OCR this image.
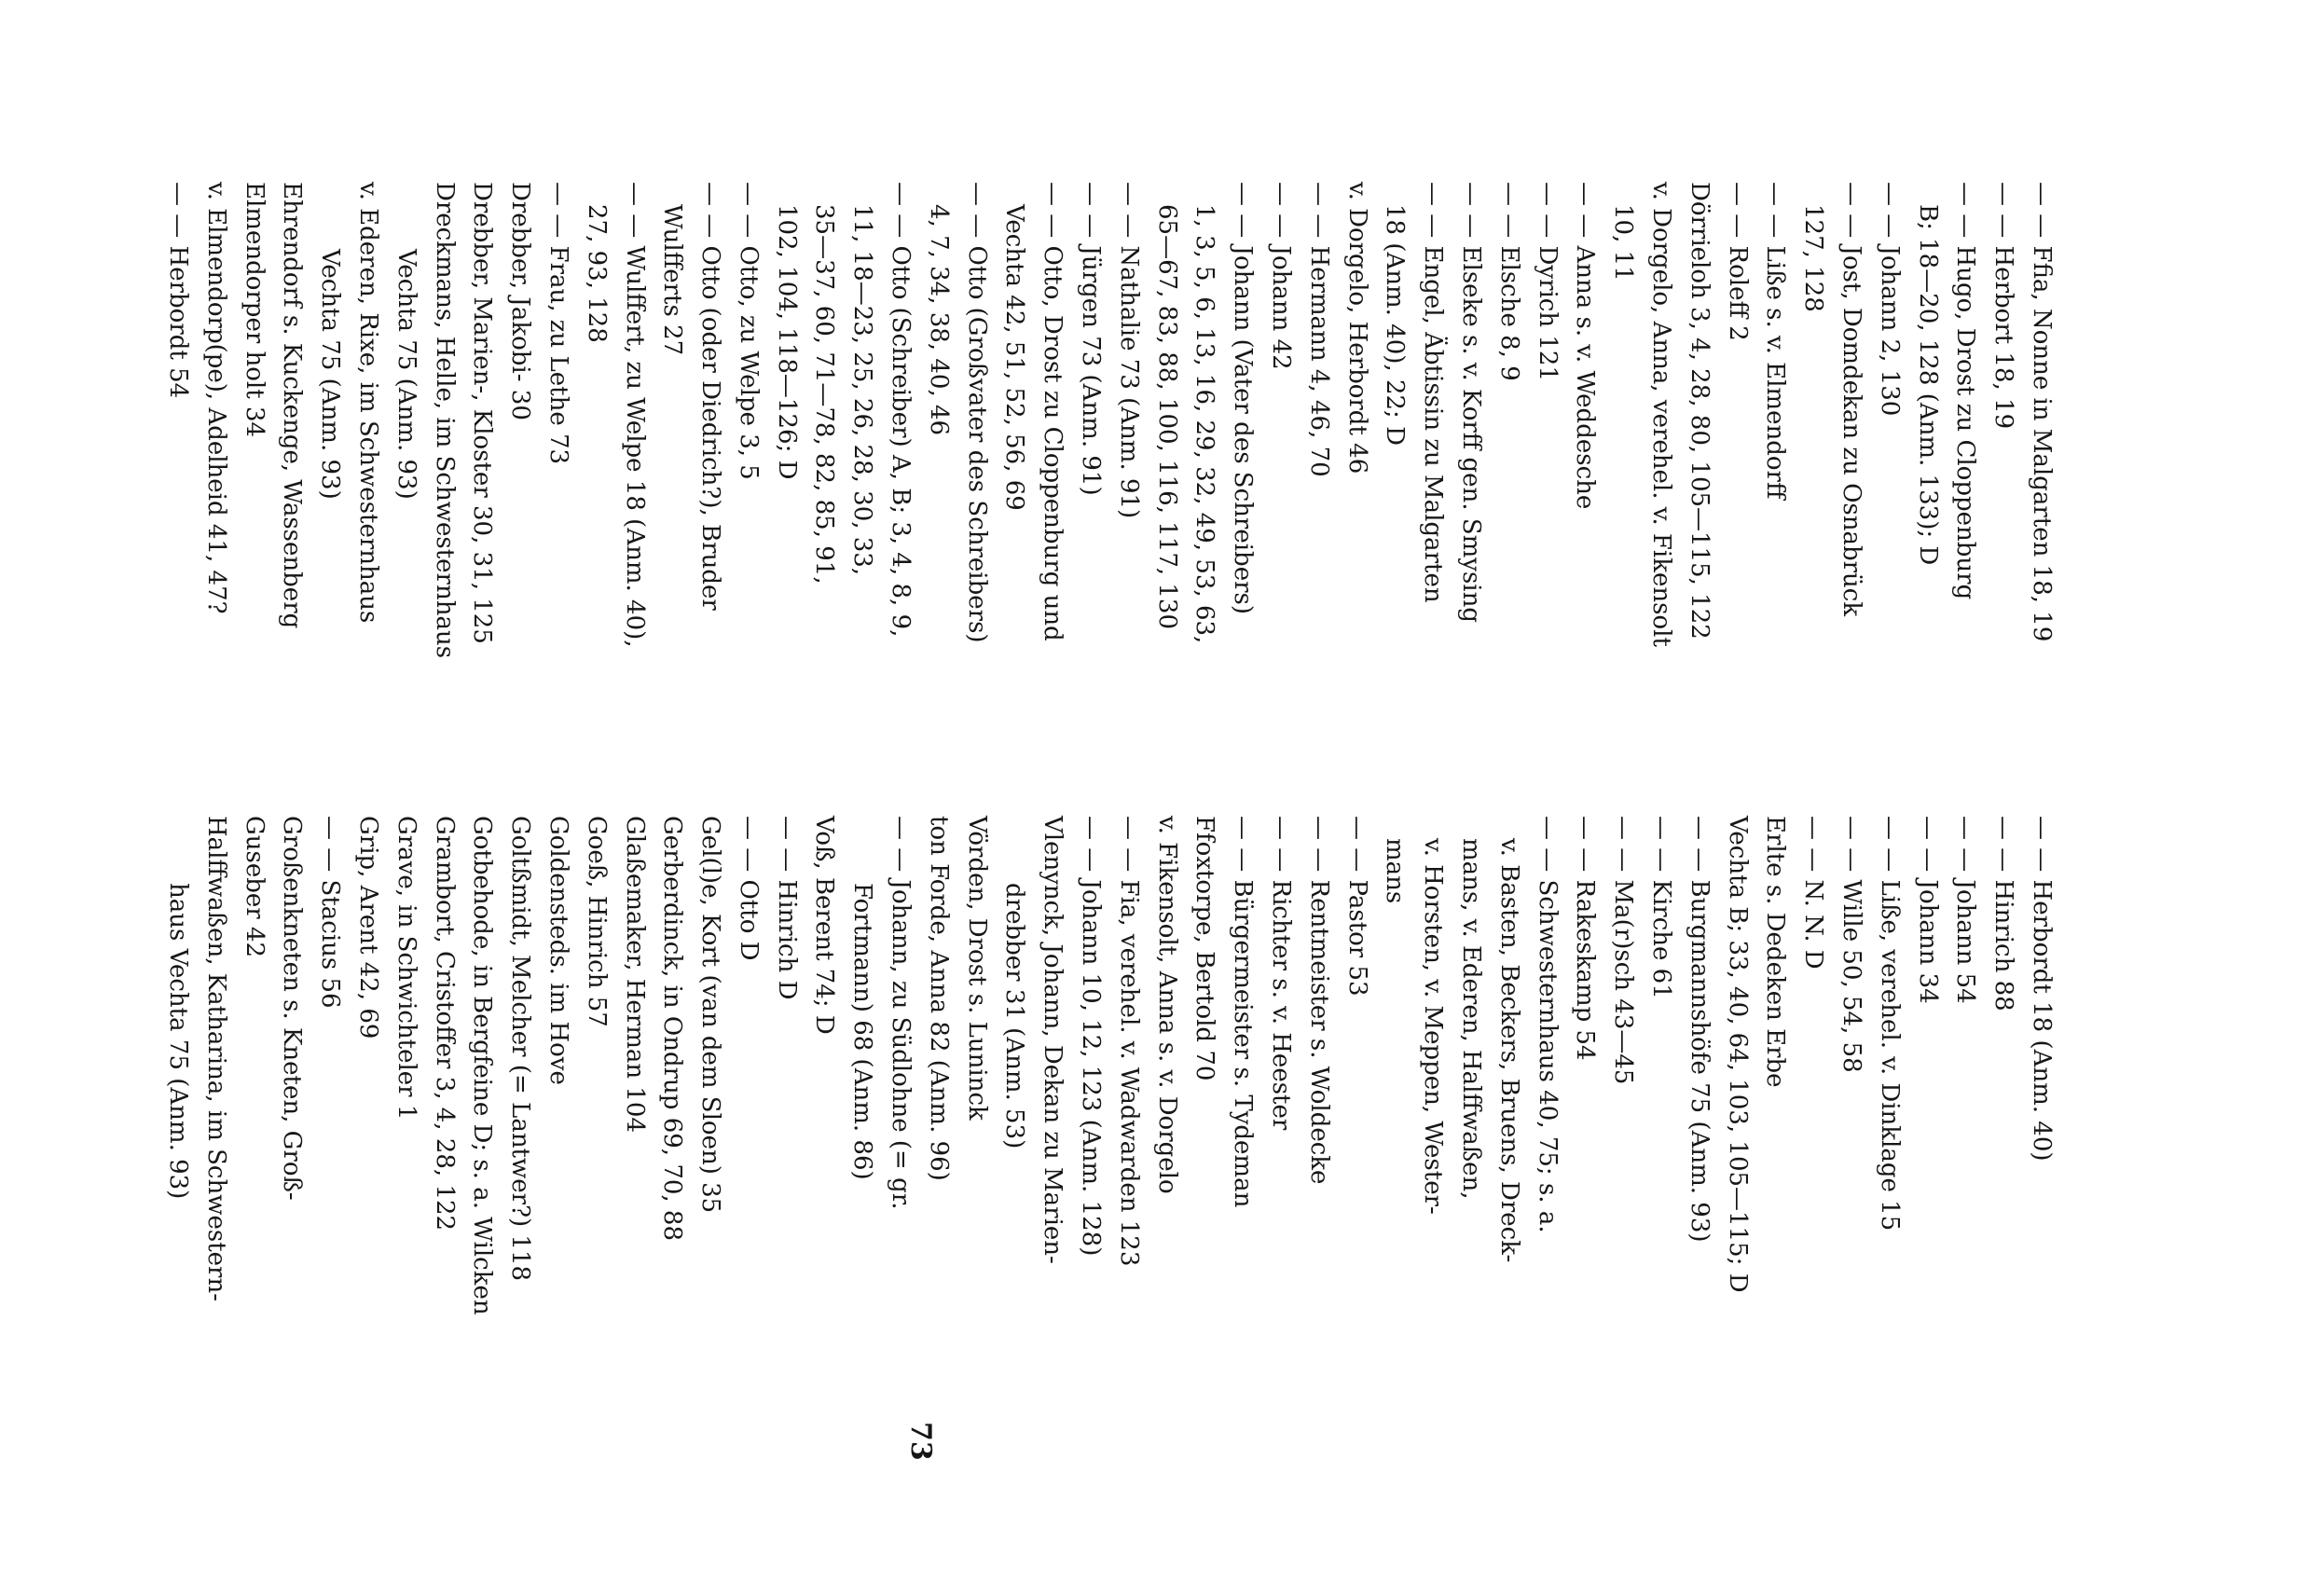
— — Ffia, Nonne in Malgarten 18, 19
— — Herbort 18, 19
— — Hugo, Drost zu Cloppenburg
B; 18—20, 128 (Anm. 133); D
— — Johann 2, 130
— — Jost, Domdekan zu Osnabrück
127, 128
— — Liße s. v. Elmendorff
— — Roleff 2
Dörrieloh 3, 4, 28, 80, 105—115, 122
v. Dorgelo, Anna, verehel. v. Fikensolt
10, 11
— — Anna s. v. Weddesche
— — Dyrich 121
— — Elsche 8, 9
— — Elseke s. v. Korff gen. Smysing
— — Engel, Äbtissin zu Malgarten
18 (Anm. 40), 22; D
v. Dorgelo, Herbordt 46
— — Hermann 4, 46, 70
— — Johann 42
— — Johann (Vater des Schreibers)
1, 3, 5, 6, 13, 16, 29, 32, 49, 53, 63,
65—67, 83, 88, 100, 116, 117, 130
— — Nathalie 73 (Anm. 91)
— — Jürgen 73 (Anm. 91)
— — Otto, Drost zu Cloppenburg und
Vechta 42, 51, 52, 56, 69
— — Otto (Großvater des Schreibers)
4, 7, 34, 38, 40, 46
— — Otto (Schreiber) A, B; 3, 4, 8, 9,
11, 18—23, 25, 26, 28, 30, 33,
35—37, 60, 71—78, 82, 85, 91,
102, 104, 118—126; D
— — Otto, zu Welpe 3, 5
— — Otto (oder Diedrich?), Bruder
Wulfferts 27
— — Wulffert, zu Welpe 18 (Anm. 40),
27, 93, 128
— — Frau, zu Lethe 73
Drebber, Jakobi- 30
Drebber, Marien-, Kloster 30, 31, 125
Dreckmans, Helle, im Schwesternhaus
Vechta 75 (Anm. 93)
v. Ederen, Rixe, im Schwesternhaus
Vechta 75 (Anm. 93)
Ehrendorf s. Kuckenge, Wassenberg
Elmendorper holt 34
v. Elmendorp(pe), Adelheid 41, 47?
— — Herbordt 54
— — Herbordt 18 (Anm. 40)
— — Hinrich 88
— — Johann 54
— — Johann 34
— — Liße, verehel. v. Dinklage 15
— — Wille 50, 54, 58
— — N. N. D
Erlte s. Dedeken Erbe
Vechta B; 33, 40, 64, 103, 105—115; D
— — Burgmannshöfe 75 (Anm. 93)
— — Kirche 61
— — Ma(r)sch 43—45
— — Rakeskamp 54
— — Schwesternhaus 40, 75; s. a.
v. Basten, Beckers, Bruens, Dreck-
mans, v. Ederen, Halffwaßen,
v. Horsten, v. Meppen, Wester-
mans
— — Pastor 53
— — Rentmeister s. Woldecke
— — Richter s. v. Heester
— — Bürgermeister s. Tydeman
Ffoxtorpe, Bertold 70
v. Fikensolt, Anna s. v. Dorgelo
— — Fia, verehel. v. Wadwarden 123
— — Johann 10, 12, 123 (Anm. 128)
Vlenynck, Johann, Dekan zu Marien-
drebber 31 (Anm. 53)
Vörden, Drost s. Luninck
ton Forde, Anna 82 (Anm. 96)
— — Johann, zu Südlohne (= gr.
Fortmann) 68 (Anm. 86)
Voß, Berent 74; D
— — Hinrich D
— — Otto D
Gel(l)e, Kort (van dem Sloen) 35
Gerberdinck, in Ondrup 69, 70, 88
Glaßemaker, Herman 104
Goeß, Hinrich 57
Goldensteds. im Hove
Goltßmidt, Melcher (= Lantwer?) 118
Gotbehode, in Bergfeine D; s. a. Wilcken
Grambort, Cristoffer 3, 4, 28, 122
Grave, in Schwichteler 1
Grip, Arent 42, 69
— — Stacius 56
Großenkneten s. Kneten, Groß-
Guseber 42
Halffwaßen, Katharina, im Schwestern-
haus Vechta 75 (Anm. 93)
73
